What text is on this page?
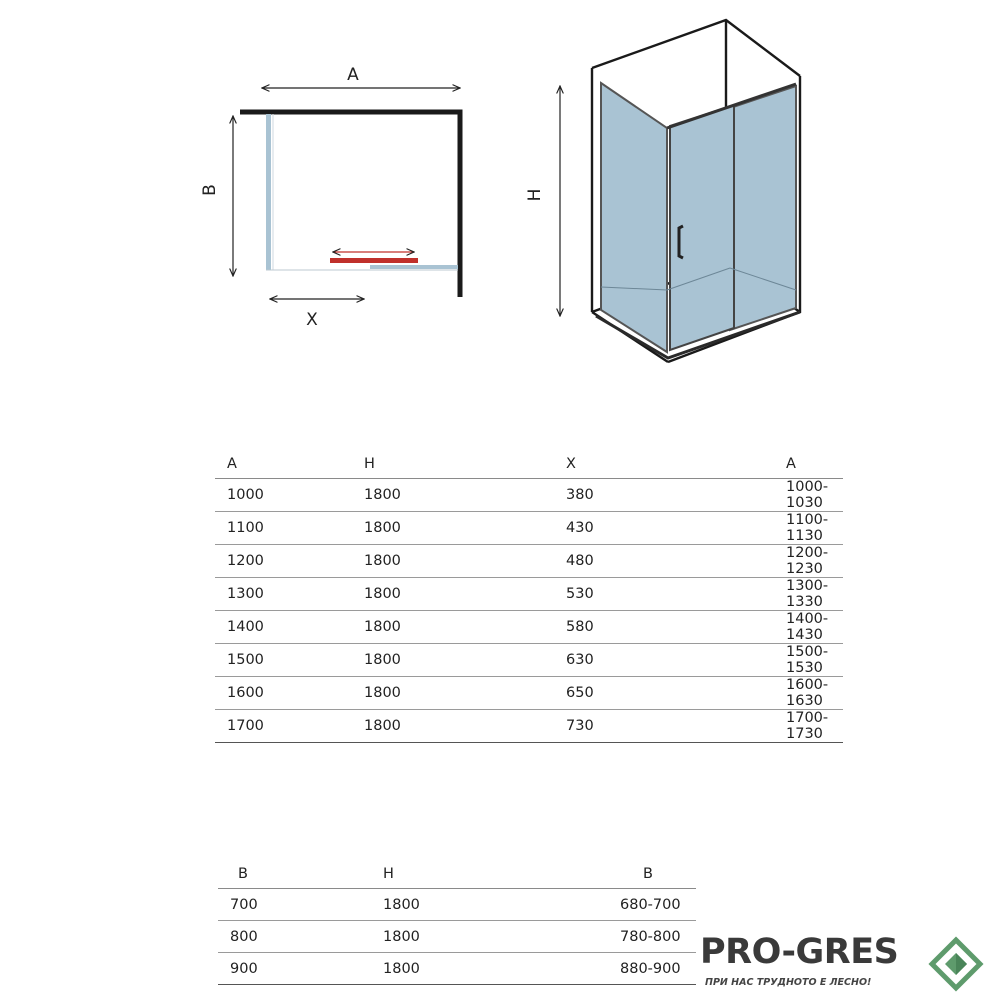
A
B
X
H
A	H	X	A
1000	1800	380	1000-1030
1100	1800	430	1100-1130
1200	1800	480	1200-1230
1300	1800	530	1300-1330
1400	1800	580	1400-1430
1500	1800	630	1500-1530
1600	1800	650	1600-1630
1700	1800	730	1700-1730
B	H	B
700	1800	680-700
800	1800	780-800
900	1800	880-900 PRO-GRES
ПРИ НАС ТРУДНОТО Е ЛЕСНО!
